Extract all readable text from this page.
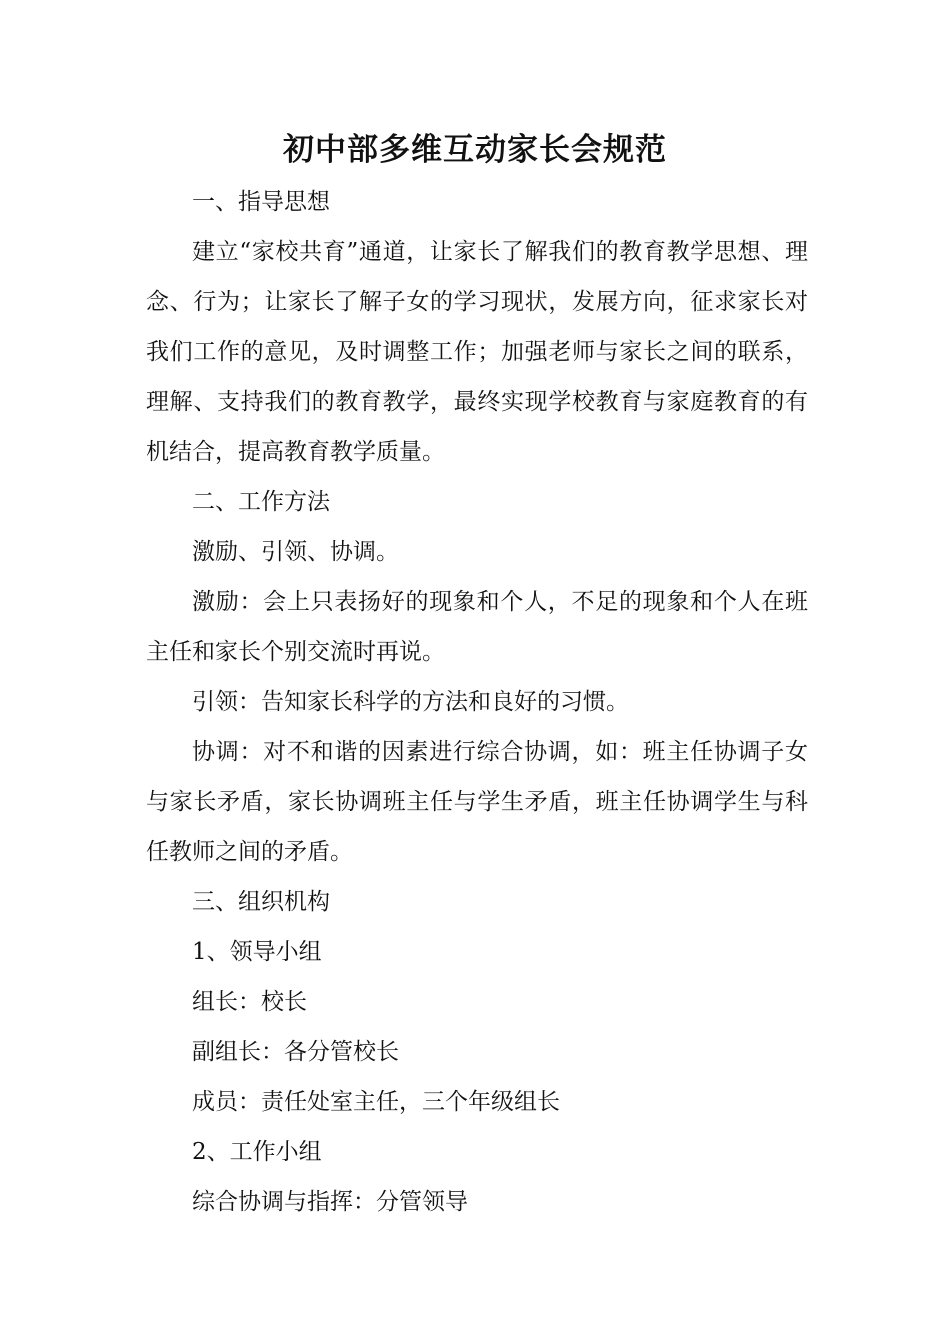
初中部多维互动家长会规范

一、指导思想

建立“家校共育”通道，让家长了解我们的教育教学思想、理念、行为；让家长了解子女的学习现状，发展方向，征求家长对我们工作的意见，及时调整工作；加强老师与家长之间的联系，理解、支持我们的教育教学，最终实现学校教育与家庭教育的有机结合，提高教育教学质量。

二、工作方法

激励、引领、协调。

激励：会上只表扬好的现象和个人，不足的现象和个人在班主任和家长个别交流时再说。

引领：告知家长科学的方法和良好的习惯。

协调：对不和谐的因素进行综合协调，如：班主任协调子女与家长矛盾，家长协调班主任与学生矛盾，班主任协调学生与科任教师之间的矛盾。

三、组织机构

1、领导小组

组长：校长

副组长：各分管校长

成员：责任处室主任，三个年级组长

2、工作小组

综合协调与指挥：分管领导
